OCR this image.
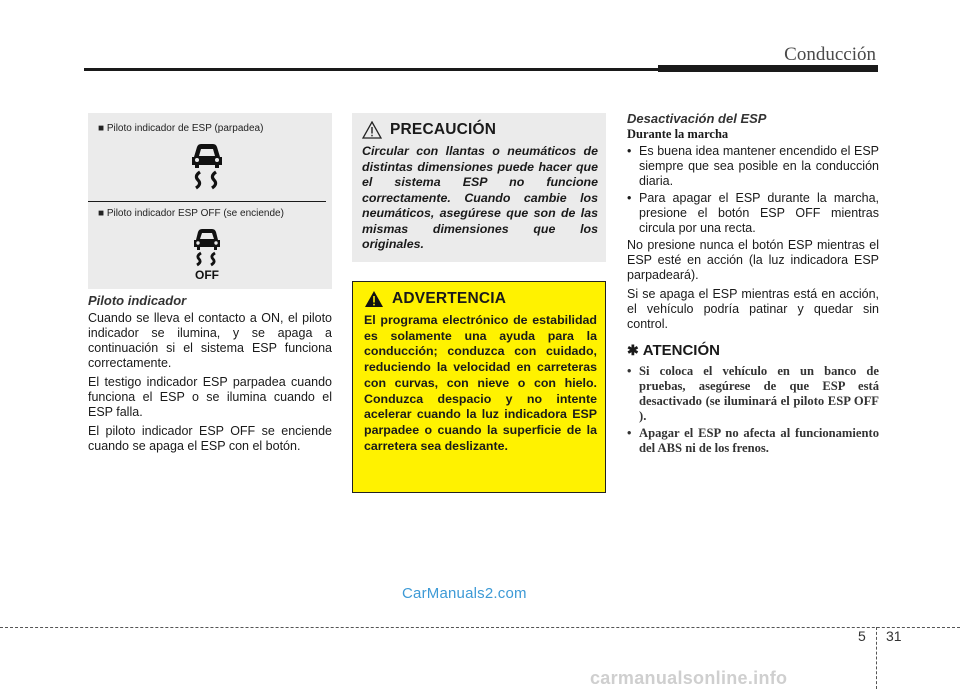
Conducción
■ Piloto indicador de ESP (parpadea)
■ Piloto indicador ESP OFF (se enciende)
OFF
Piloto indicador

Cuando se lleva el contacto a ON, el piloto indicador se ilumina, y se apaga a continuación si el sistema ESP funciona correctamente.

El testigo indicador ESP parpadea cuando funciona el ESP o se ilumina cuando el ESP falla.

El piloto indicador ESP OFF se enciende cuando se apaga el ESP con el botón.

PRECAUCIÓN
Circular con llantas o neumáticos de distintas dimensiones puede hacer que el sistema ESP no funcione correctamente. Cuando cambie los neumáticos, asegúrese que son de las mismas dimensiones que los originales.
ADVERTENCIA
El programa electrónico de estabilidad es solamente una ayuda para la conducción; conduzca con cuidado, reduciendo la velocidad en carreteras con curvas, con nieve o con hielo. Conduzca despacio y no intente acelerar cuando la luz indicadora ESP parpadee o cuando la superficie de la carretera sea deslizante.
Desactivación del ESP
Durante la marcha
• Es buena idea mantener encendido el ESP siempre que sea posible en la conducción diaria.
• Para apagar el ESP durante la marcha, presione el botón ESP OFF mientras circula por una recta.

No presione nunca el botón ESP mientras el ESP esté en acción (la luz indicadora ESP parpadeará).

Si se apaga el ESP mientras está en acción, el vehículo podría patinar y quedar sin control.

✱ ATENCIÓN
• Si coloca el vehículo en un banco de pruebas, asegúrese de que ESP está desactivado (se iluminará el piloto ESP OFF ).
• Apagar el ESP no afecta al funcionamiento del ABS ni de los frenos.
CarManuals2.com
5 31
carmanualsonline.info
